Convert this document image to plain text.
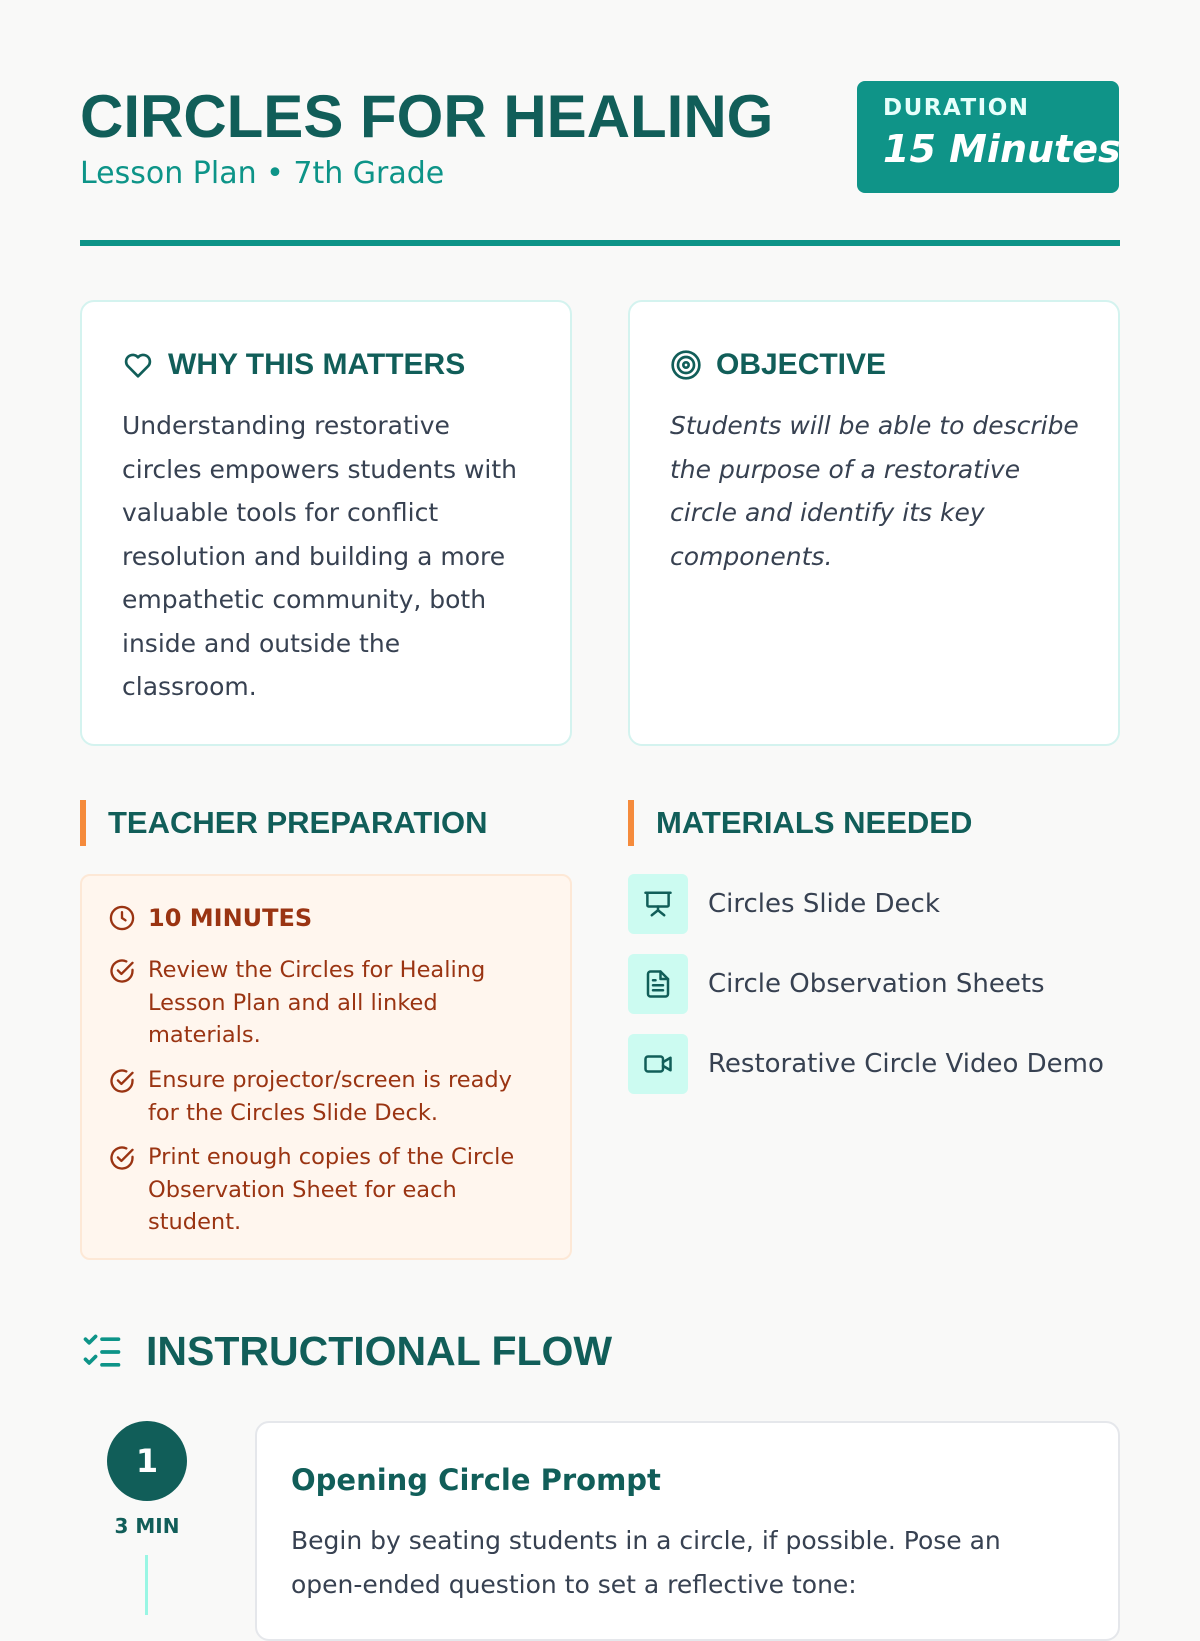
CIRCLES FOR HEALING
Lesson Plan • 7th Grade
DURATION
15 Minutes
WHY THIS MATTERS

Understanding restorative circles empowers students with valuable tools for conflict resolution and building a more empathetic community, both inside and outside the classroom.

OBJECTIVE

Students will be able to describe the purpose of a restorative circle and identify its key components.

TEACHER PREPARATION
10 MINUTES
Review the Circles for Healing Lesson Plan and all linked materials.
Ensure projector/screen is ready for the Circles Slide Deck.
Print enough copies of the Circle Observation Sheet for each student.
MATERIALS NEEDED
Circles Slide Deck
Circle Observation Sheets
Restorative Circle Video Demo
INSTRUCTIONAL FLOW
1
3 MIN
Opening Circle Prompt

Begin by seating students in a circle, if possible. Pose an open-ended question to set a reflective tone:
